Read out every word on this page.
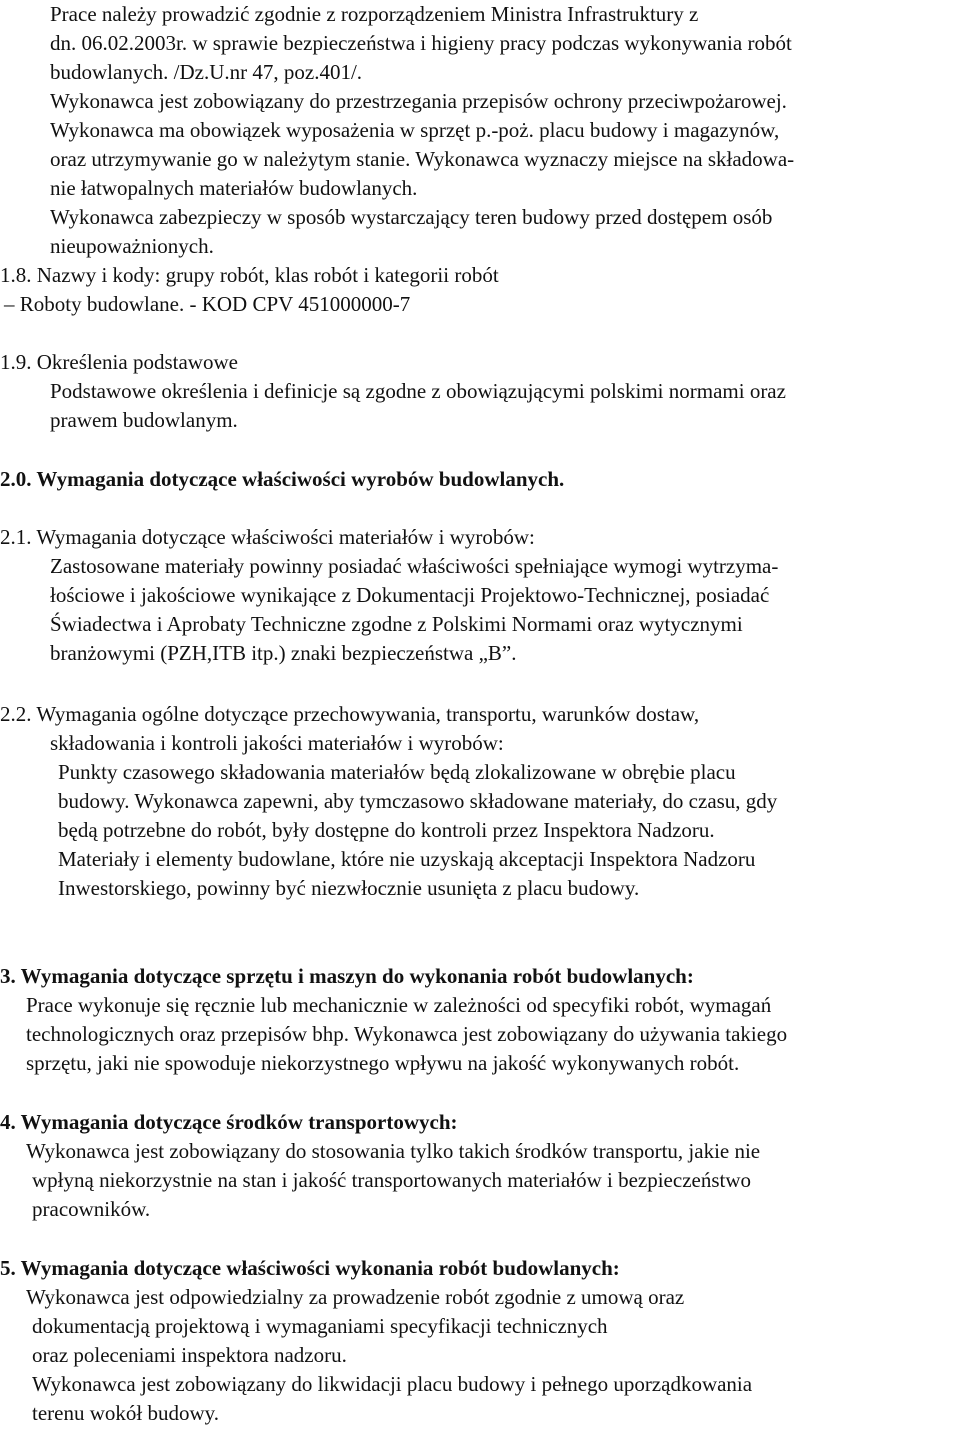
Prace należy prowadzić zgodnie z rozporządzeniem Ministra Infrastruktury z
dn. 06.02.2003r. w sprawie bezpieczeństwa i higieny pracy podczas wykonywania robót
budowlanych. /Dz.U.nr 47, poz.401/.
Wykonawca jest zobowiązany do przestrzegania przepisów ochrony przeciwpożarowej.
Wykonawca ma obowiązek wyposażenia w sprzęt p.-poż. placu budowy i magazynów,
oraz utrzymywanie go w należytym stanie. Wykonawca wyznaczy miejsce na składowa-
nie łatwopalnych materiałów budowlanych.
Wykonawca zabezpieczy w sposób wystarczający teren budowy przed dostępem osób
nieupoważnionych.
1.8. Nazwy i kody: grupy robót, klas robót i kategorii robót
– Roboty budowlane. - KOD CPV 451000000-7
1.9. Określenia podstawowe
Podstawowe określenia i definicje są zgodne z obowiązującymi polskimi normami oraz
prawem budowlanym.
2.0. Wymagania dotyczące właściwości wyrobów budowlanych.
2.1. Wymagania dotyczące właściwości materiałów i wyrobów:
Zastosowane materiały powinny posiadać właściwości spełniające wymogi wytrzyma-
łościowe i jakościowe wynikające z Dokumentacji Projektowo-Technicznej, posiadać
Świadectwa i Aprobaty Techniczne zgodne z Polskimi Normami oraz wytycznymi
branżowymi (PZH,ITB itp.) znaki bezpieczeństwa „B”.
2.2. Wymagania ogólne dotyczące przechowywania, transportu, warunków dostaw,
składowania i kontroli jakości materiałów i wyrobów:
Punkty czasowego składowania materiałów będą zlokalizowane w obrębie placu
budowy. Wykonawca zapewni, aby tymczasowo składowane materiały, do czasu, gdy
będą potrzebne do robót, były dostępne do kontroli przez Inspektora Nadzoru.
Materiały i elementy budowlane, które nie uzyskają akceptacji Inspektora Nadzoru
Inwestorskiego, powinny być niezwłocznie usunięta z placu budowy.
3. Wymagania dotyczące sprzętu i maszyn do wykonania robót budowlanych:
Prace wykonuje się ręcznie lub mechanicznie w zależności od specyfiki robót, wymagań
technologicznych oraz przepisów bhp. Wykonawca jest zobowiązany do używania takiego
sprzętu, jaki nie spowoduje niekorzystnego wpływu na jakość wykonywanych robót.
4. Wymagania dotyczące środków transportowych:
Wykonawca jest zobowiązany do stosowania tylko takich środków transportu, jakie nie
wpłyną niekorzystnie na stan i jakość transportowanych materiałów i bezpieczeństwo
pracowników.
5. Wymagania dotyczące właściwości wykonania robót budowlanych:
Wykonawca jest odpowiedzialny za prowadzenie robót zgodnie z umową oraz
dokumentacją projektową i wymaganiami specyfikacji technicznych
oraz poleceniami inspektora nadzoru.
Wykonawca jest zobowiązany do likwidacji placu budowy i pełnego uporządkowania
terenu wokół budowy.
